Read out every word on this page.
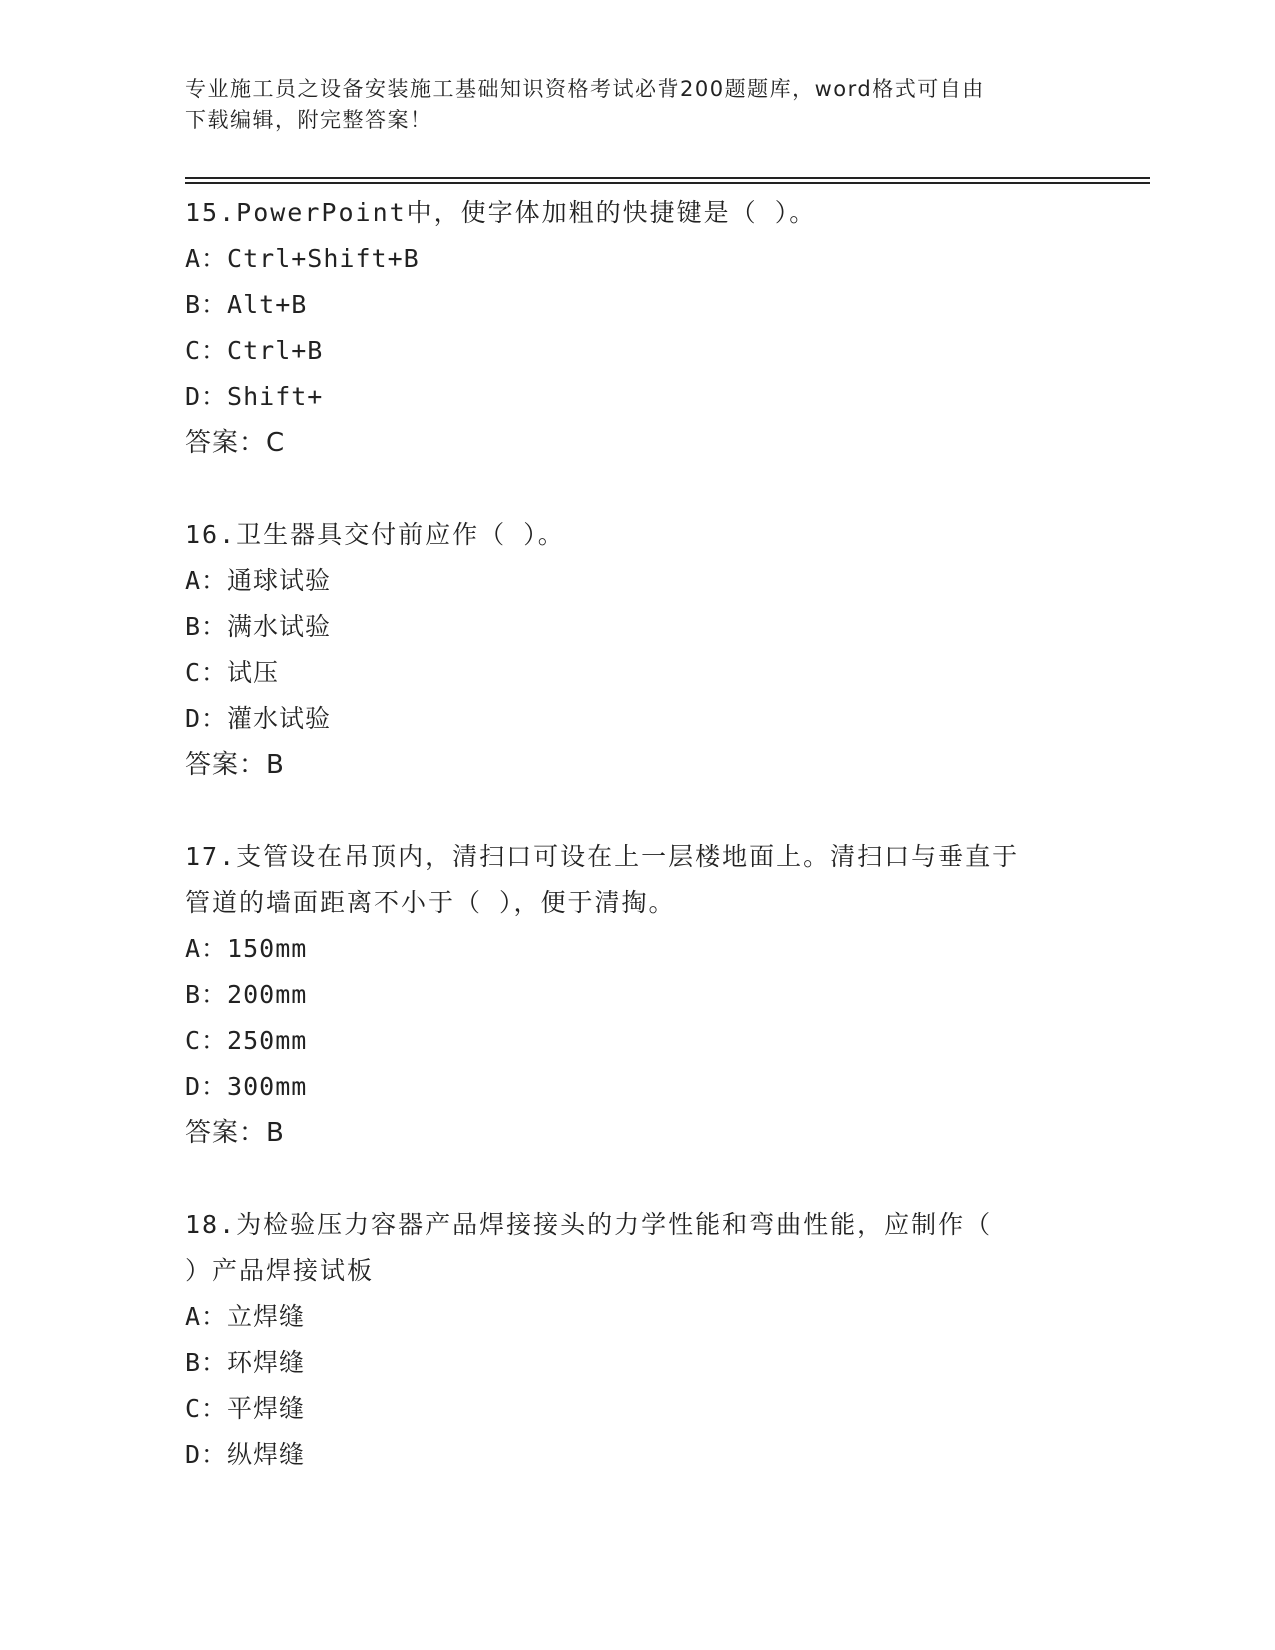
专业施工员之设备安装施工基础知识资格考试必背200题题库，word格式可自由
下载编辑，附完整答案！
15.PowerPoint中，使字体加粗的快捷键是（ ）。
A：Ctrl+Shift+B
B：Alt+B
C：Ctrl+B
D：Shift+
答案：C
16.卫生器具交付前应作（ ）。
A：通球试验
B：满水试验
C：试压
D：灌水试验
答案：B
17.支管设在吊顶内，清扫口可设在上一层楼地面上。清扫口与垂直于
管道的墙面距离不小于（ ），便于清掏。
A：150mm
B：200mm
C：250mm
D：300mm
答案：B
18.为检验压力容器产品焊接接头的力学性能和弯曲性能，应制作（
）产品焊接试板
A：立焊缝
B：环焊缝
C：平焊缝
D：纵焊缝
